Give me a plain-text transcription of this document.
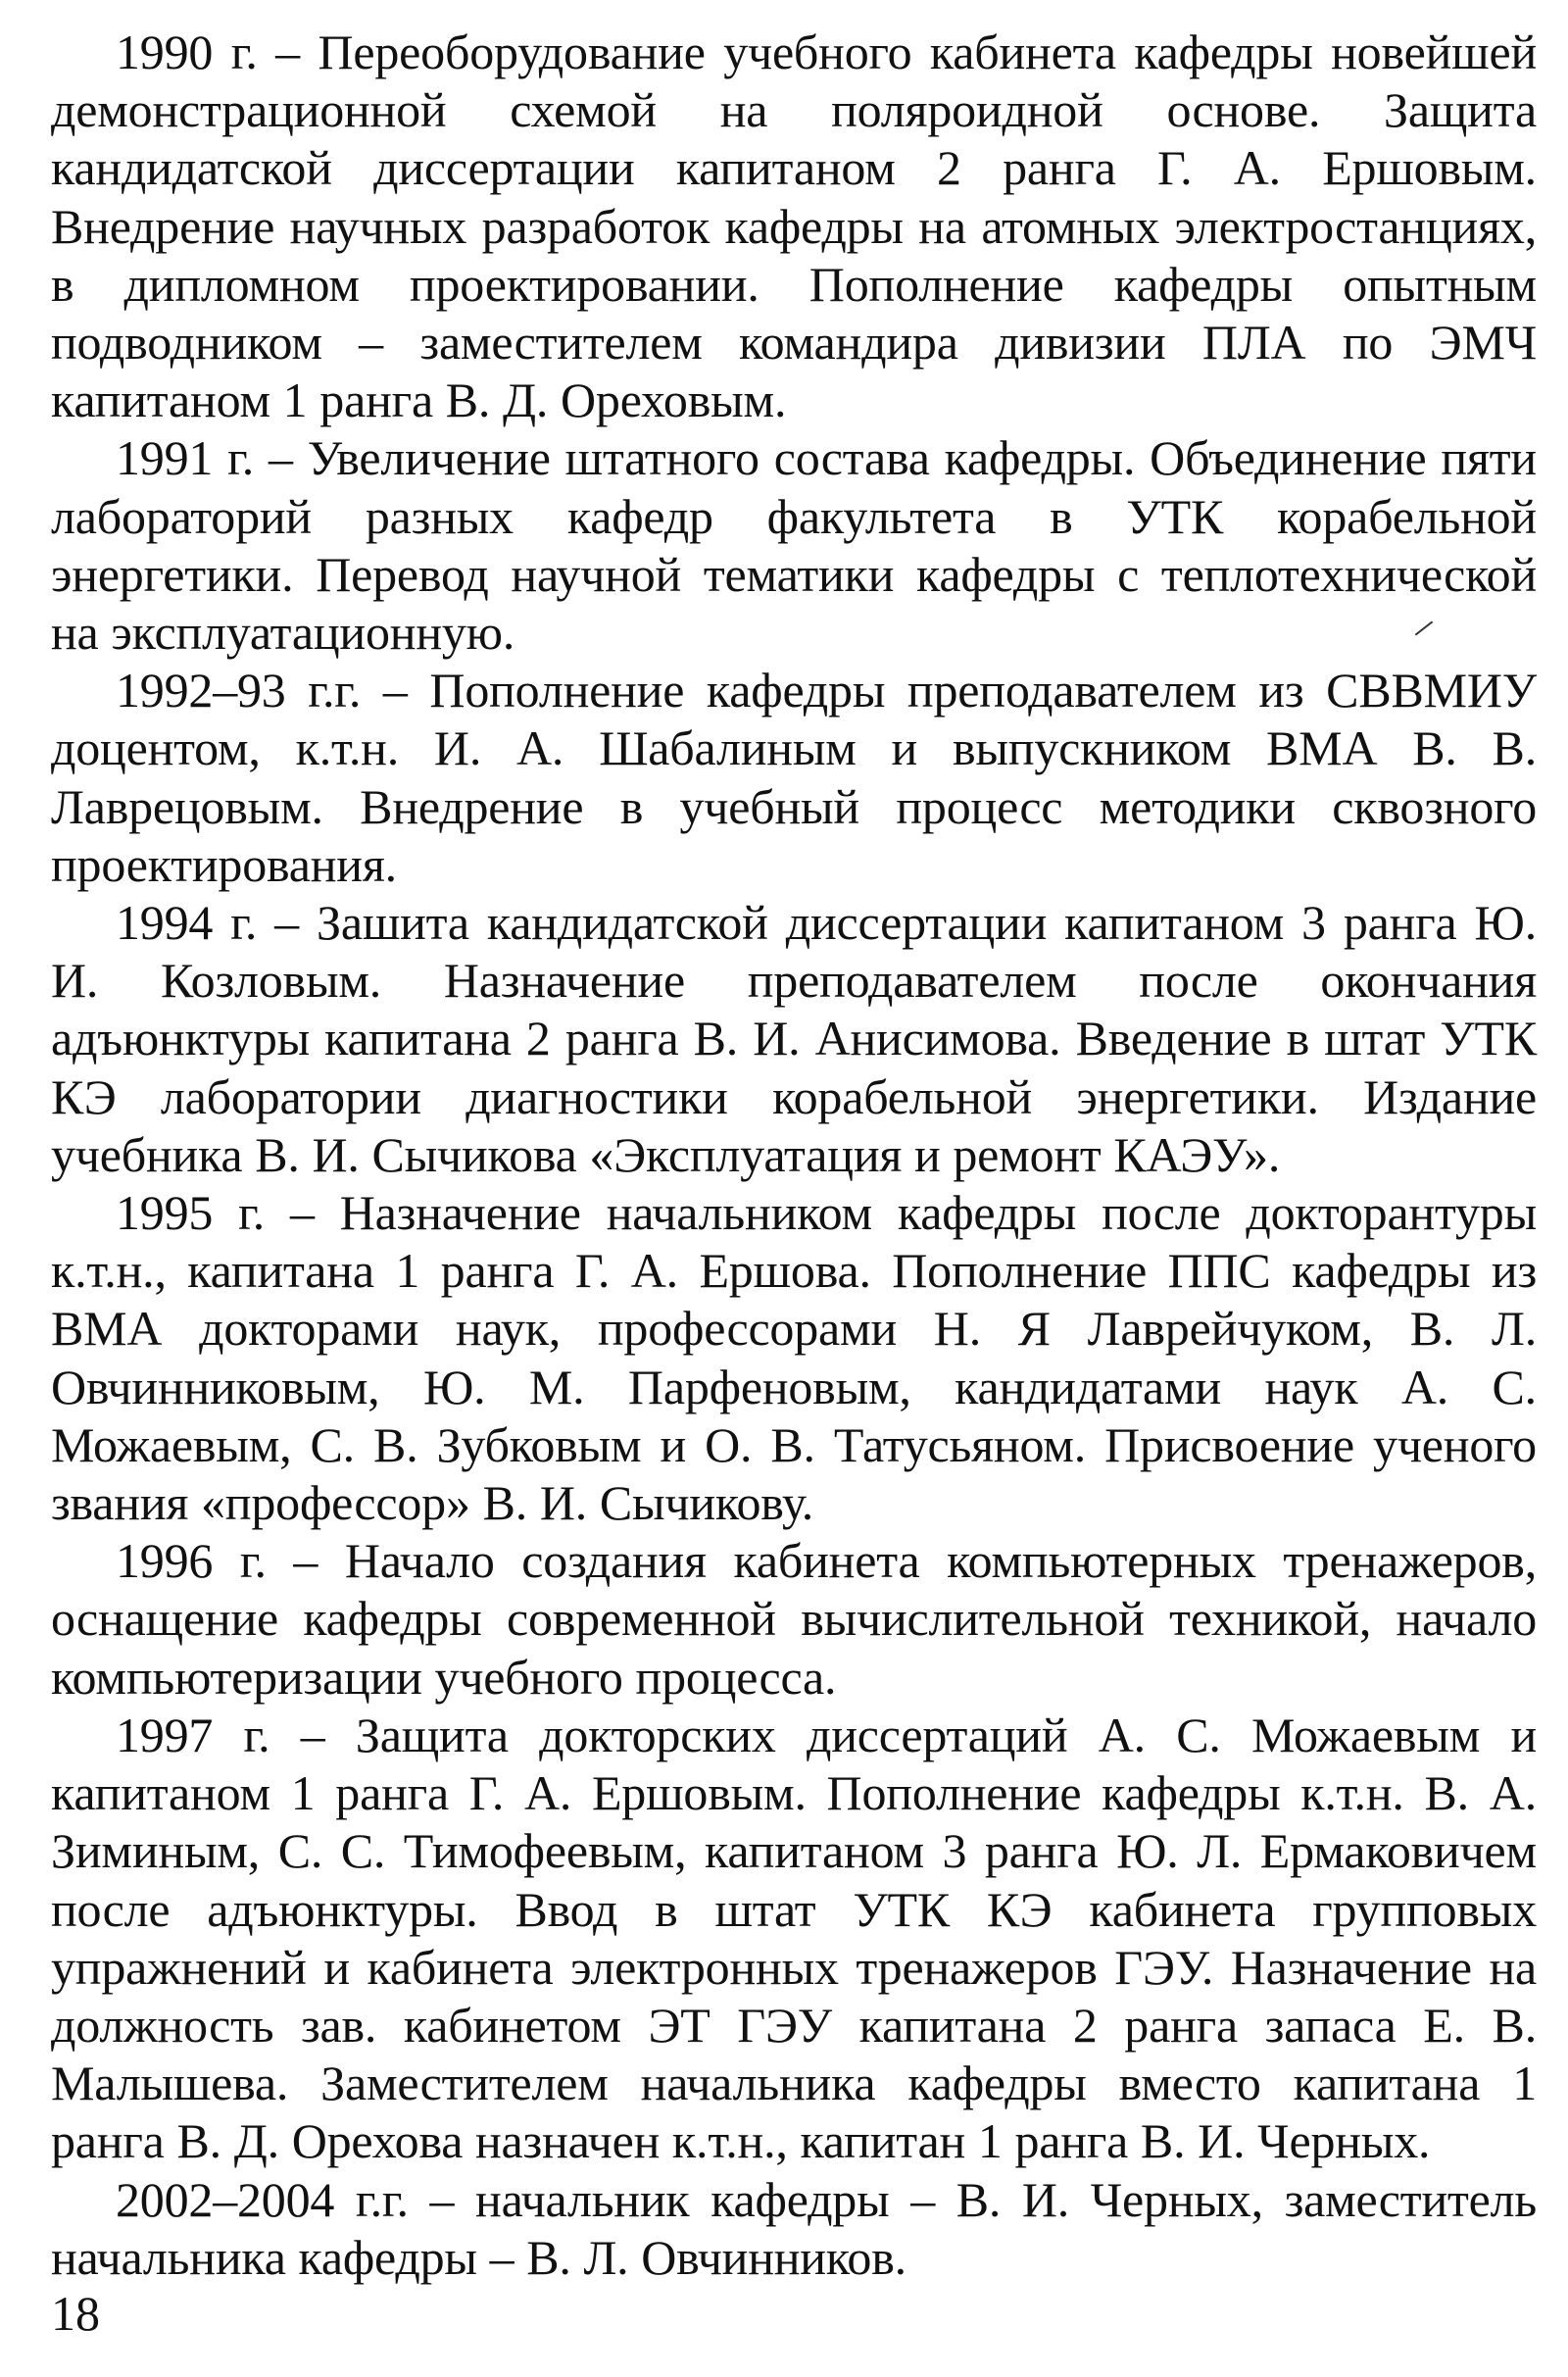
1990 г. – Переоборудование учебного кабинета кафедры новейшей демонстрационной схемой на поляроидной основе. Защита кандидатской диссертации капитаном 2 ранга Г. А. Ершовым. Внедрение научных разработок кафедры на атомных электростанциях, в дипломном проектировании. Пополнение кафедры опытным подводником – заместителем командира дивизии ПЛА по ЭМЧ капитаном 1 ранга В. Д. Ореховым.

1991 г. – Увеличение штатного состава кафедры. Объединение пяти лабораторий разных кафедр факультета в УТК корабельной энергетики. Перевод научной тематики кафедры с теплотехнической на эксплуатационную.

1992–93 г.г. – Пополнение кафедры преподавателем из СВВМИУ доцентом, к.т.н. И. А. Шабалиным и выпускником ВМА В. В. Лаврецовым. Внедрение в учебный процесс методики сквозного проектирования.

1994 г. – Зашита кандидатской диссертации капитаном 3 ранга Ю. И. Козловым. Назначение преподавателем после окончания адъюнктуры капитана 2 ранга В. И. Анисимова. Введение в штат УТК КЭ лаборатории диагностики корабельной энергетики. Издание учебника В. И. Сычикова «Эксплуатация и ремонт КАЭУ».

1995 г. – Назначение начальником кафедры после докторантуры к.т.н., капитана 1 ранга Г. А. Ершова. Пополнение ППС кафедры из ВМА докторами наук, профессорами Н. Я Лаврейчуком, В. Л. Овчинниковым, Ю. М. Парфеновым, кандидатами наук А. С. Можаевым, С. В. Зубковым и О. В. Татусьяном. Присвоение ученого звания «профессор» В. И. Сычикову.

1996 г. – Начало создания кабинета компьютерных тренажеров, оснащение кафедры современной вычислительной техникой, начало компьютеризации учебного процесса.

1997 г. – Защита докторских диссертаций А. С. Можаевым и капитаном 1 ранга Г. А. Ершовым. Пополнение кафедры к.т.н. В. А. Зиминым, С. С. Тимофеевым, капитаном 3 ранга Ю. Л. Ермаковичем после адъюнктуры. Ввод в штат УТК КЭ кабинета групповых упражнений и кабинета электронных тренажеров ГЭУ. Назначение на должность зав. кабинетом ЭТ ГЭУ капитана 2 ранга запаса Е. В. Малышева. Заместителем начальника кафедры вместо капитана 1 ранга В. Д. Орехова назначен к.т.н., капитан 1 ранга В. И. Черных.

2002–2004 г.г. – начальник кафедры – В. И. Черных, заместитель начальника кафедры – В. Л. Овчинников.

18
